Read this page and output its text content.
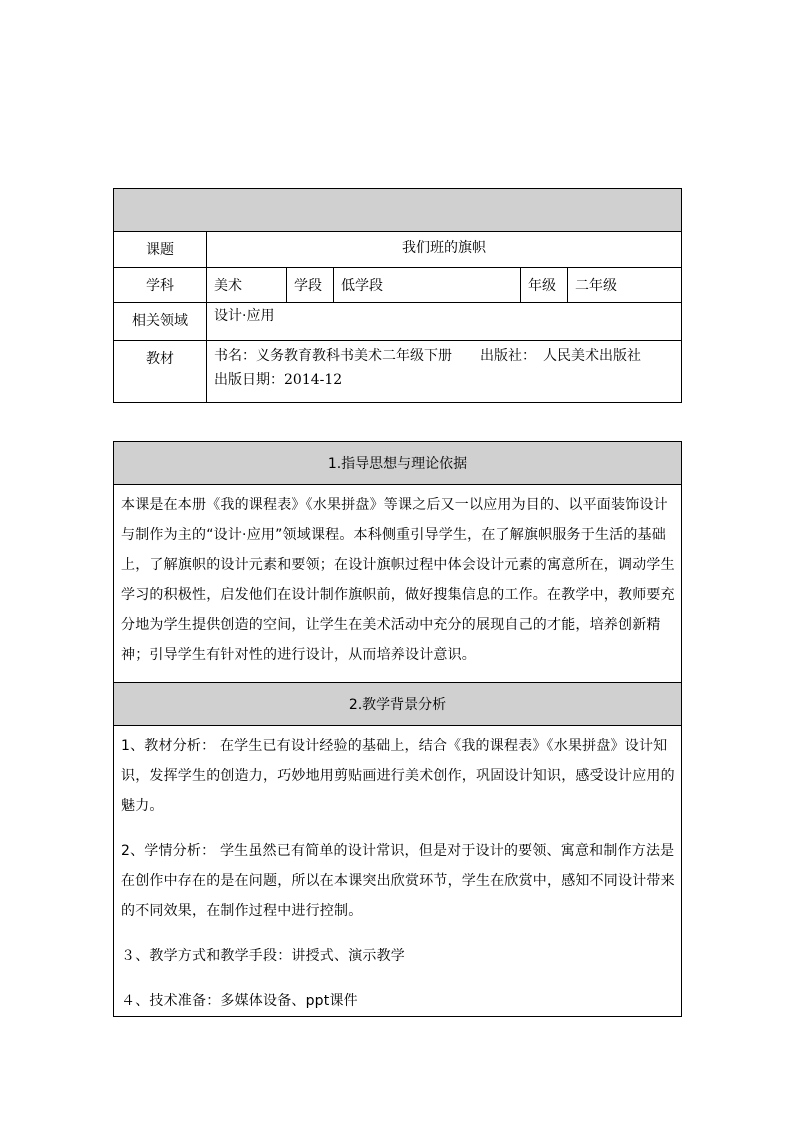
课题	我们班的旗帜				
学科	美术	学段	低学段	年级	二年级
相关领域	设计·应用				
教材	书名：义务教育教科书美术二年级下册　　出版社：　人民美术出版社
出版日期：2014-12				
1.指导思想与理论依据

本课是在本册《我的课程表》《水果拼盘》等课之后又一以应用为目的、以平面装饰设计与制作为主的“设计·应用”领域课程。本科侧重引导学生，在了解旗帜服务于生活的基础上，了解旗帜的设计元素和要领；在设计旗帜过程中体会设计元素的寓意所在，调动学生学习的积极性，启发他们在设计制作旗帜前，做好搜集信息的工作。在教学中，教师要充分地为学生提供创造的空间，让学生在美术活动中充分的展现自己的才能，培养创新精神；引导学生有针对性的进行设计，从而培养设计意识。

2.教学背景分析

1、教材分析： 在学生已有设计经验的基础上，结合《我的课程表》《水果拼盘》设计知识，发挥学生的创造力，巧妙地用剪贴画进行美术创作，巩固设计知识，感受设计应用的魅力。

2、学情分析： 学生虽然已有简单的设计常识，但是对于设计的要领、寓意和制作方法是在创作中存在的是在问题，所以在本课突出欣赏环节，学生在欣赏中，感知不同设计带来的不同效果，在制作过程中进行控制。

３、教学方式和教学手段：讲授式、演示教学

４、技术准备：多媒体设备、ppt课件
